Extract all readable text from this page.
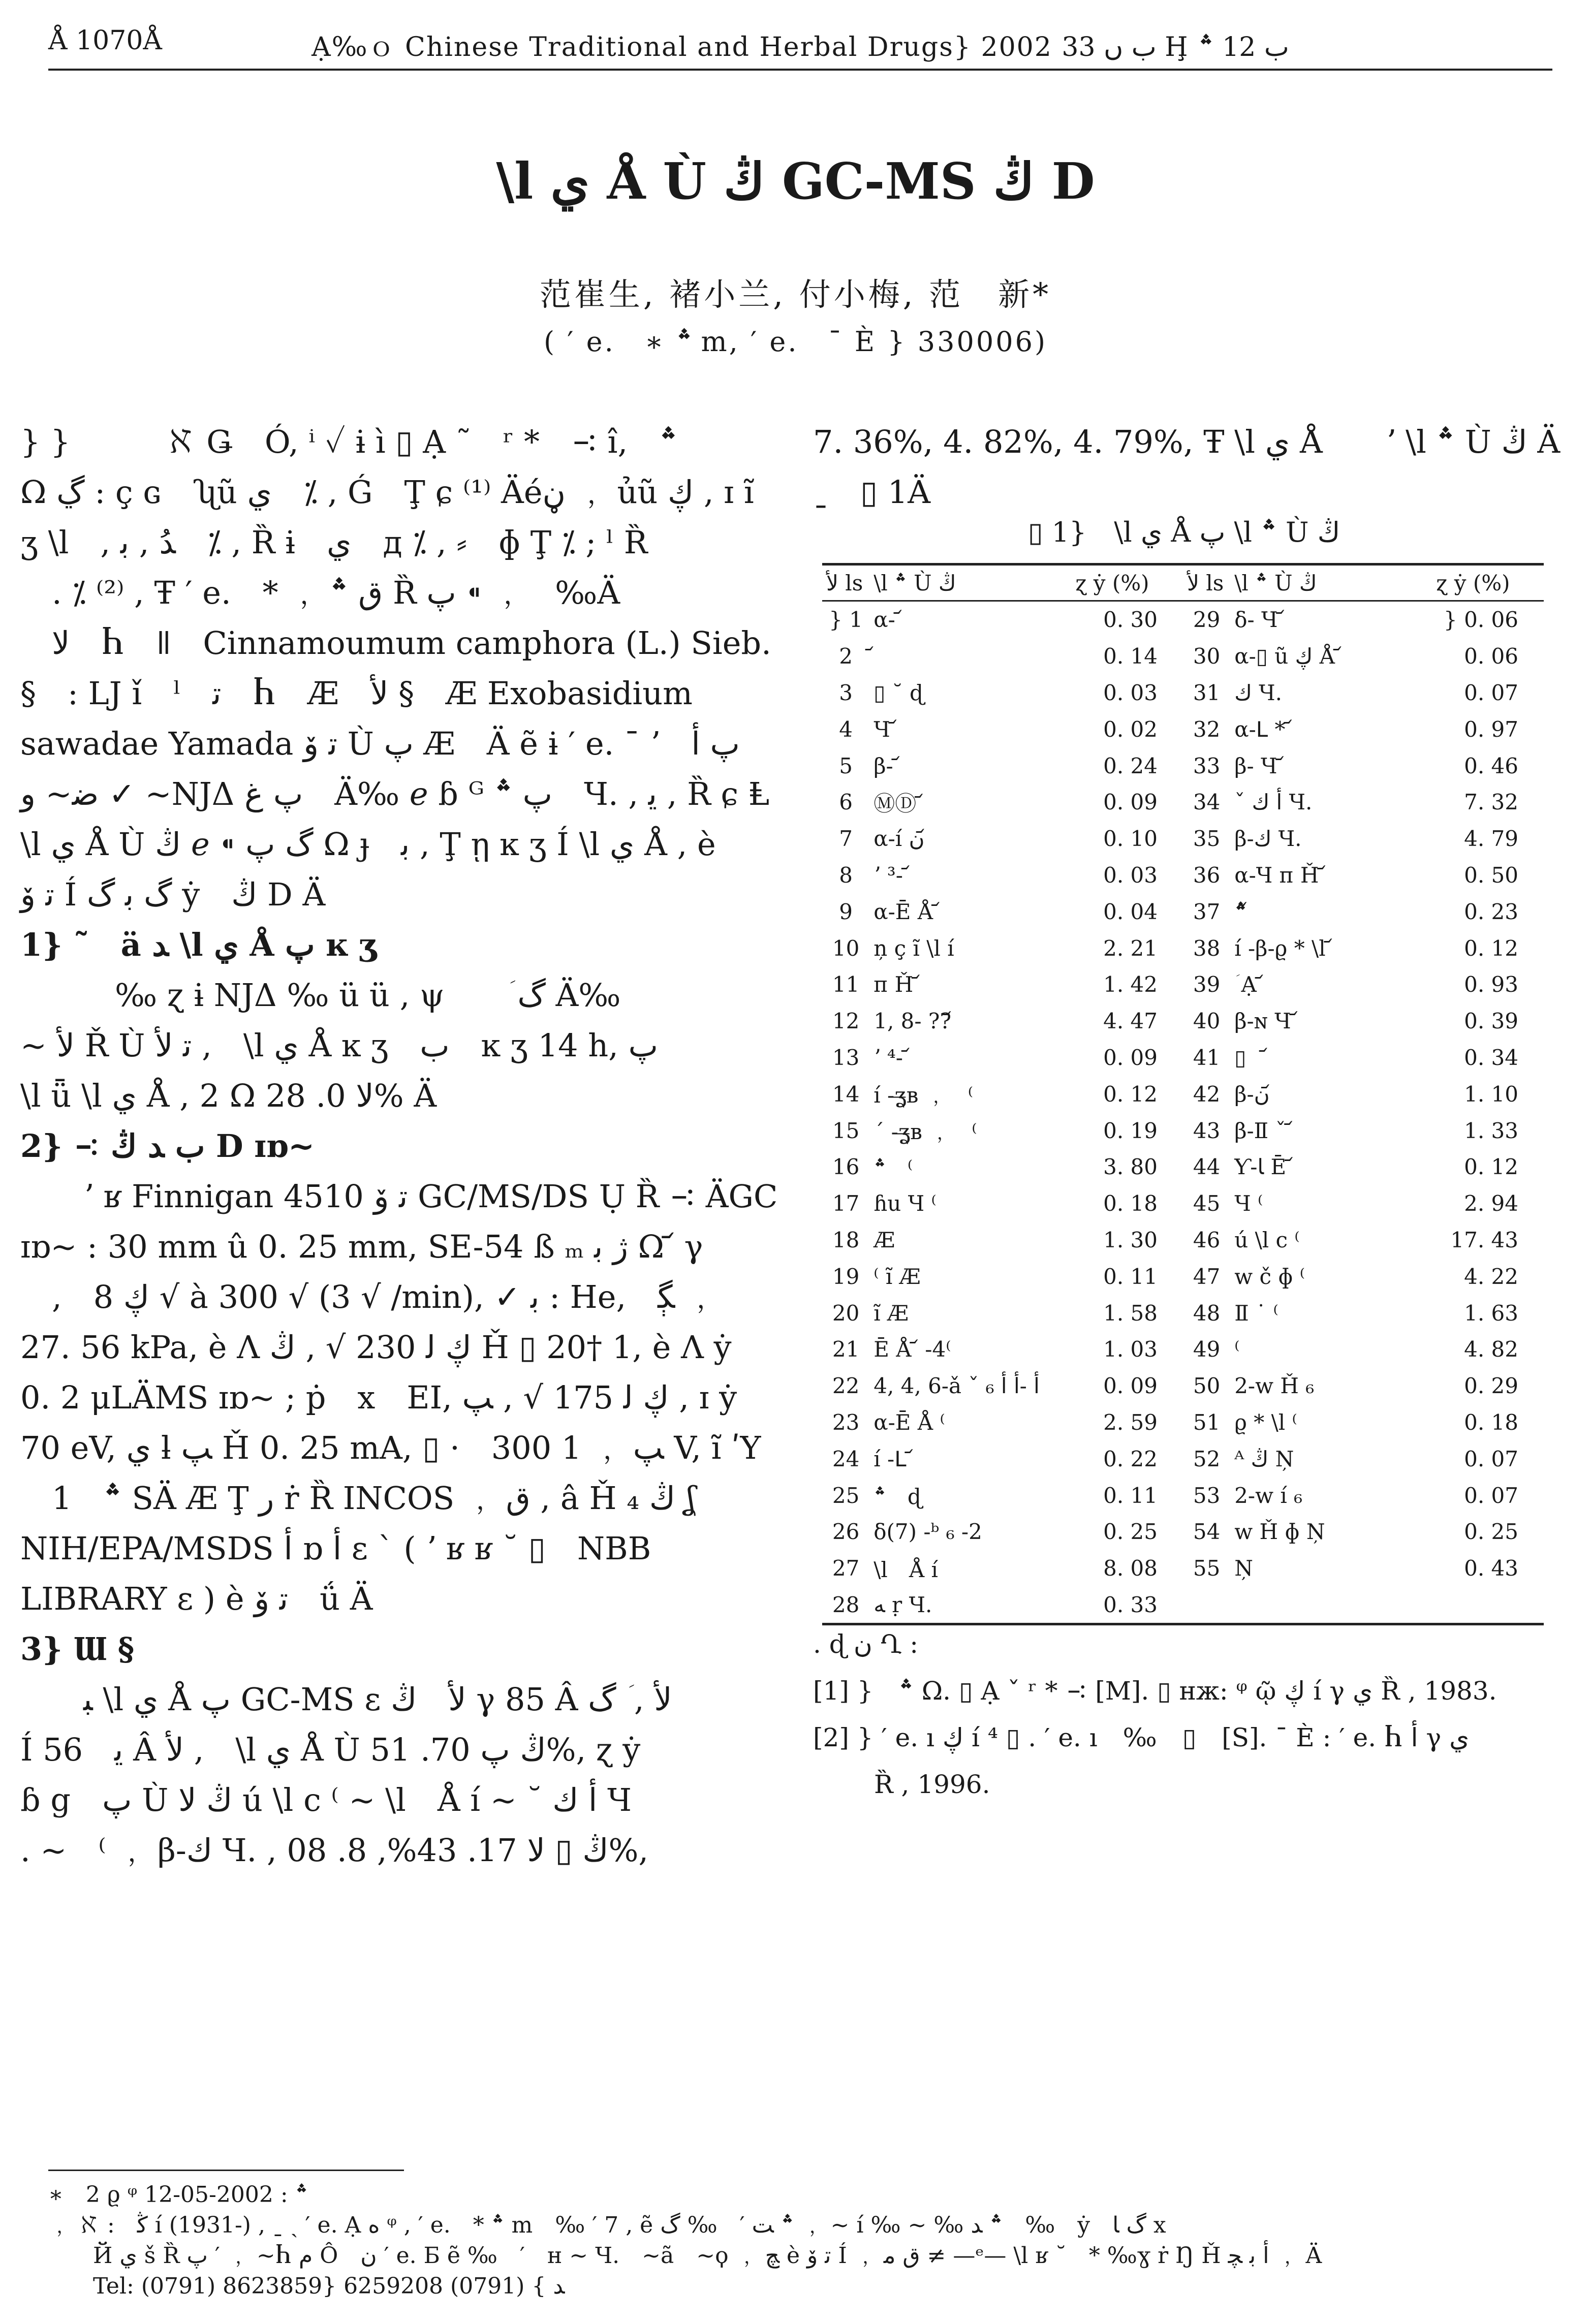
Å 1070Å	Ạ‰ｏ Chinese Traditional and Herbal Drugs} 2002 ب ں 33 Ḩ ب 12 ؞
\l ي Å Ù ڭ GC-MS ڭ D
范崔生, 褚小兰, 付小梅, 范　新*
( ′ e.　∗ ؞ m, ′ e.　¯ È } 330006)

} }　　　ℵ Ǥ　Ó, ⁱ ✓ ɨ ì ▯ Ạ ˜　ʳ *　∹ î,　؞

Ω ڲ : ç ɢ　ʯũ ي　⁒ , Ǵ　Ţ ɕ ⁽¹⁾ Äéڼ ﹐ ủũ ڮ , ɪ ĩ

ʒ \l　, ﺪُ , ﺑ　⁒ , Ȑ ɨ　ي　д ⁒ , ⸗　ɸ Ţ ⁒ ; ˡ Ȑ

　. ⁒ ⁽²⁾ , Ŧ ′ e.　* ﹐ ﻕ ؞ Ȑ ﭖ ⁌ ﹐　‰Ä

　ﻻ　Ⴙ　ǁ　Cinnamoumum camphora (L.) Sieb.

§　: LJ ǐ　ˡ　ﺗ　Ⴙ　Æ　ﻷ §　Æ Exobasidium

sawadae Yamada ﺗ ﯙ Ù ﭖ Æ　Ä ẽ ɨ ′ e. ¯ ʼ　ﭖ ﺃ

ﺿ~ ﻭ ✓ ~NJΔ ﭖ ﻍ　Ä‰ ℯ ɓ ᴳ ﭖ ؞　Ч. , ﻳ , Ȑ ɕ Ⱡ

\l ي Å Ù ڭ ℯ ⁌ ﮒ ﭖ Ω ɟ　ﺑ , Ţ ῃ ĸ ʒ Í \l ي Å , è

ﺗ ﯙ Í ﮒ ﺑ ﮒ ẏ　ڭ D Ä

1} ˜　ä ﺪ \l ي Å ﭖ ĸ ʒ

　　　‰ ɀ ɨ NJΔ ‰ ü ü , ψ　　ؘ ﮒ Ä‰

~ ﻷ Ř Ù ﺗ ﻷ ,　\l ي Å ĸ ʒ　ب　ĸ ʒ 14 h, ﭖ

\l ǖ \l ي Å , 2 Ω ﻻ 0. 28% Ä

2} ∹ ب ﺪ ڭ D ɪɒ~

　　ʼ ʁ Finnigan 4510 ﺗ ﯙ GC/MS/DS Ụ Ȑ ∹ ÄGC

ɪɒ~ : 30 mm û 0. 25 mm, SE-54 ß ₘ ﮊ ﺑ Ω ᷄ γ

　,　ڮ 8 √ à 300 √ (3 √ /min), ✓ ﺑ : He,　ﮙ ﹐

27. 56 kPa, è Ʌ ڮ ﻟ 230 √ , ڭ Ȟ ▯ 20† 1, è Ʌ ẏ

0. 2 μLÄMS ɪɒ~ ; ṗ　x　EI, ڮ ﻟ 175 √ , ﭗ , ɪ ẏ

70 eV, ي ƚ ﭗ Ȟ 0. 25 mA, ▯ ·　ﭗ ﹐ 1 300 V, ĩ ʹY

　؞　1 SÄ Æ Ţ ﺭ ṙ Ȑ INCOS ﹐ ﻕ , â Ȟ ڭ ₄ ʆ

NIH/EPA/MSDS ﺃ ɒ ﺃ ɛ ˋ ( ʼ ʁ ʁ ˘ ▯　NBB

LIBRARY ɛ ) è ﺗ ﯙ　ǘ Ä

3} Ɯ §

　　ﺒ \l ي Å ﭖ GC-MS ɛ ﻷ　ڭ γ 85 Â ﻷ , ؘ ﮒ

Í ﻳ　56 Â ﻷ ,　\l ي Å Ù ڭ ﭖ 70. 51%, ɀ ẏ

ɓ g　ﭖ Ù ڭ ﻻ ú \l c ⁽ ~ \l　Å í ~ ˘ ﺃ ﻙ Ч

. ~　⁽ ﹐ β-ﻙ Ч. , ڭ ▯ ﻻ 17. 43%, 8. 08%,

7. 36%, 4. 82%, 4. 79%, Ŧ \l ي Å　　ʼ \l ؞ Ù ڭ Ä

ˍ　▯ 1Ä

▯ 1}　\l ي Å ﭖ \l ؞ Ù ڭ
ﻷ ls	\l ؞ Ù ڭ	ɀ ẏ (%)	ﻷ ls	\l ؞ Ù ڭ	ɀ ẏ (%)
} 1	α- ᷄	0. 30	29	δ- Ч ᷄	} 0. 06
2		0. 14	30	α-▯ ũ ڮ Å ᷄	0. 06
3	▯ ˘ ɖ	0. 03	31	ﻙ Ч.	0. 07
4	Ч ᷄	0. 02	32	α-ꓡ * ᷄	0. 97
5	β- ᷄	0. 24	33	β- Ч ᷄	0. 46
6	ⓂⒹ ᷄	0. 09	34	ˇ ﺃ ﻙ Ч.	7. 32
7	α-í ﻥ ᷄	0. 10	35	β-ﻙ Ч.	4. 79
8	ʼ ³- ᷄	0. 03	36	α-Ч п Ȟ ᷄	0. 50
9	α-Ē Å ᷄	0. 04	37	؞　᷄	0. 23
10	ņ ç ĩ \l í	2. 21	38	í -β-ϱ * \l ᷄	0. 12
11	п Ȟ ᷄	1. 42	39	ؘ Ạ ᷄	0. 93
12	1, 8- ??᷄	4. 47	40	β-ɴ Ч ᷄	0. 39
13	ʼ ⁴- ᷄	0. 09	41	▯　᷄	0. 34
14	í -ʓ̶ʙ ﹐　⁽	0. 12	42	β-ﻥ ᷄	1. 10
15	ˊ -ʓ̶ʙ ﹐　⁽	0. 19	43	β-Ⅱ ˇ ᷄	1. 33
16	؞　⁽	3. 80	44	Ƴ-ﺎ Ē ᷄	0. 12
17	ɦu Ч ⁽	0. 18	45	Ч ⁽	2. 94
18	Æ	1. 30	46	ú \l c ⁽	17. 43
19	⁽ ĩ Æ	0. 11	47	w č ɸ ⁽	4. 22
20	ĩ Æ	1. 58	48	Ⅱ ˙ ⁽	1. 63
21	Ē Å ᷄ -4⁽	1. 03	49	⁽	4. 82
22	4, 4, 6-ǎ ˇ ﺃ -ﺃ ﺃ ₆	0. 09	50	2-w Ȟ ₆	0. 29
23	α-Ē Å ⁽	2. 59	51	ϱ * \l ⁽	0. 18
24	í -ꓡ ᷄	0. 22	52	ᴬ ڭ Ņ	0. 07
25	؞　ɖ	0. 11	53	2-w í ₆	0. 07
26	δ(7) -ᵇ ₆ -2	0. 25	54	w Ȟ ɸ Ņ	0. 25
27	\l　Å í	8. 08	55	Ņ	0. 43
28	ﻪ ṛ Ч.	0. 33			

. ɖ ﻥ Ղ :

[1] }　؞ Ω. ▯ Ạ ˇ ʳ * ∹ [M]. ▯ ʜж: ᵠ ῷ ڮ í γ ي Ȑ , 1983.

[2] } ′ e. ı ڮ í ⁴ ▯ . ′ e. ı　‰　▯　[S]. ¯ È : ′ e. Ⴙ ﺃ γ ي

Ȑ , 1996.

∗　2 ϱ ᵠ ؞ : 2002-05-12

﹐ ℵ :　ﯕ í (1931-) , ˍ ˏ ′ e. Ạ ﻩ ᵠ , ′ e.　* ؞ m　‰ ′ 7 , ẽ ؞ ﺖ ′　‰ ﮒ ﹐ ~ í ‰ ~ ‰ ؞ ﺪ　‰　ẏ　ﮒ ﺎ x

　　Й ي š Ȑ ﭖ ′ ﹐ ~Ⴙ ﻡ Ô　ﻥ ′ e. Б ẽ ‰　′　ʜ ~ Ч.　~ã　~ϙ ﹐ ﭻ è ﺗ ﯙ Í ﹐ ﻕ ﻣ ≠ —ᵉ— \l ʁ ˘　* ‰ɣ ṙ Ŋ Ȟ ﺃ ﺑ ﭽ ﹐ Ä

　　Tel: (0791) 8623859} ﺪ } (0791) 6259208
